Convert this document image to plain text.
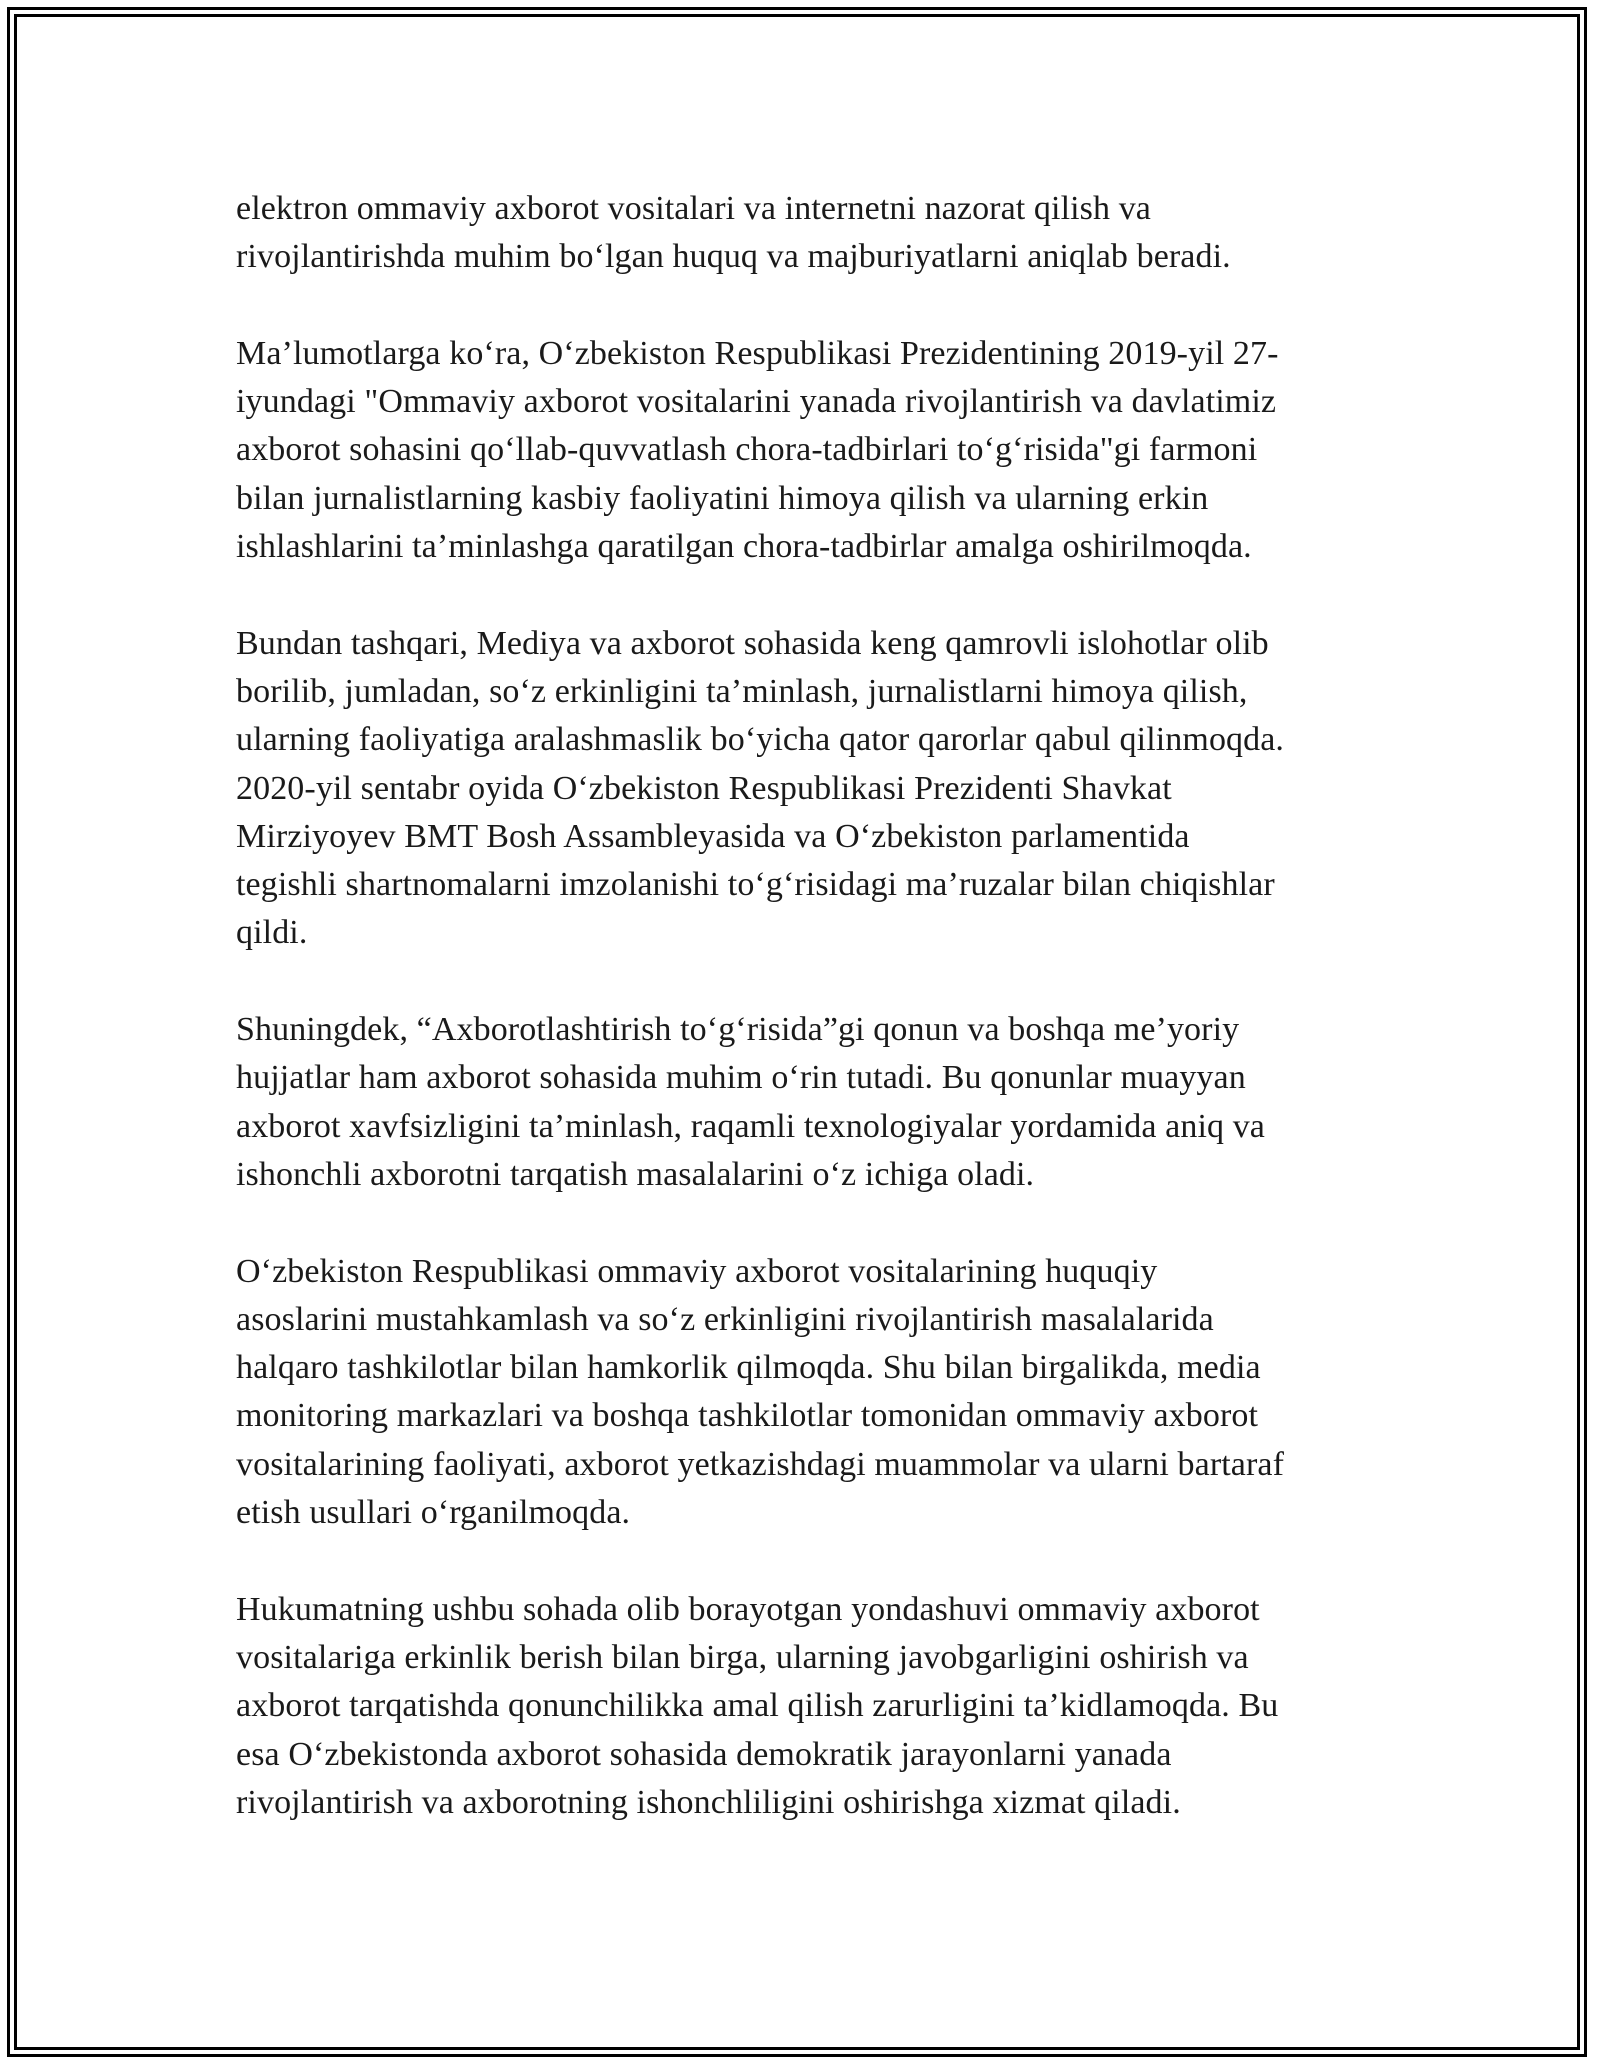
elektron ommaviy axborot vositalari va internetni nazorat qilish va
rivojlantirishda muhim bo‘lgan huquq va majburiyatlarni aniqlab beradi.

Ma’lumotlarga ko‘ra, O‘zbekiston Respublikasi Prezidentining 2019-yil 27-
iyundagi "Ommaviy axborot vositalarini yanada rivojlantirish va davlatimiz
axborot sohasini qo‘llab-quvvatlash chora-tadbirlari to‘g‘risida"gi farmoni
bilan jurnalistlarning kasbiy faoliyatini himoya qilish va ularning erkin
ishlashlarini ta’minlashga qaratilgan chora-tadbirlar amalga oshirilmoqda.

Bundan tashqari, Mediya va axborot sohasida keng qamrovli islohotlar olib
borilib, jumladan, so‘z erkinligini ta’minlash, jurnalistlarni himoya qilish,
ularning faoliyatiga aralashmaslik bo‘yicha qator qarorlar qabul qilinmoqda.
2020-yil sentabr oyida O‘zbekiston Respublikasi Prezidenti Shavkat
Mirziyoyev BMT Bosh Assambleyasida va O‘zbekiston parlamentida
tegishli shartnomalarni imzolanishi to‘g‘risidagi ma’ruzalar bilan chiqishlar
qildi.

Shuningdek, “Axborotlashtirish to‘g‘risida”gi qonun va boshqa me’yoriy
hujjatlar ham axborot sohasida muhim o‘rin tutadi. Bu qonunlar muayyan
axborot xavfsizligini ta’minlash, raqamli texnologiyalar yordamida aniq va
ishonchli axborotni tarqatish masalalarini o‘z ichiga oladi.

O‘zbekiston Respublikasi ommaviy axborot vositalarining huquqiy
asoslarini mustahkamlash va so‘z erkinligini rivojlantirish masalalarida
halqaro tashkilotlar bilan hamkorlik qilmoqda. Shu bilan birgalikda, media
monitoring markazlari va boshqa tashkilotlar tomonidan ommaviy axborot
vositalarining faoliyati, axborot yetkazishdagi muammolar va ularni bartaraf
etish usullari o‘rganilmoqda.

Hukumatning ushbu sohada olib borayotgan yondashuvi ommaviy axborot
vositalariga erkinlik berish bilan birga, ularning javobgarligini oshirish va
axborot tarqatishda qonunchilikka amal qilish zarurligini ta’kidlamoqda. Bu
esa O‘zbekistonda axborot sohasida demokratik jarayonlarni yanada
rivojlantirish va axborotning ishonchliligini oshirishga xizmat qiladi.
